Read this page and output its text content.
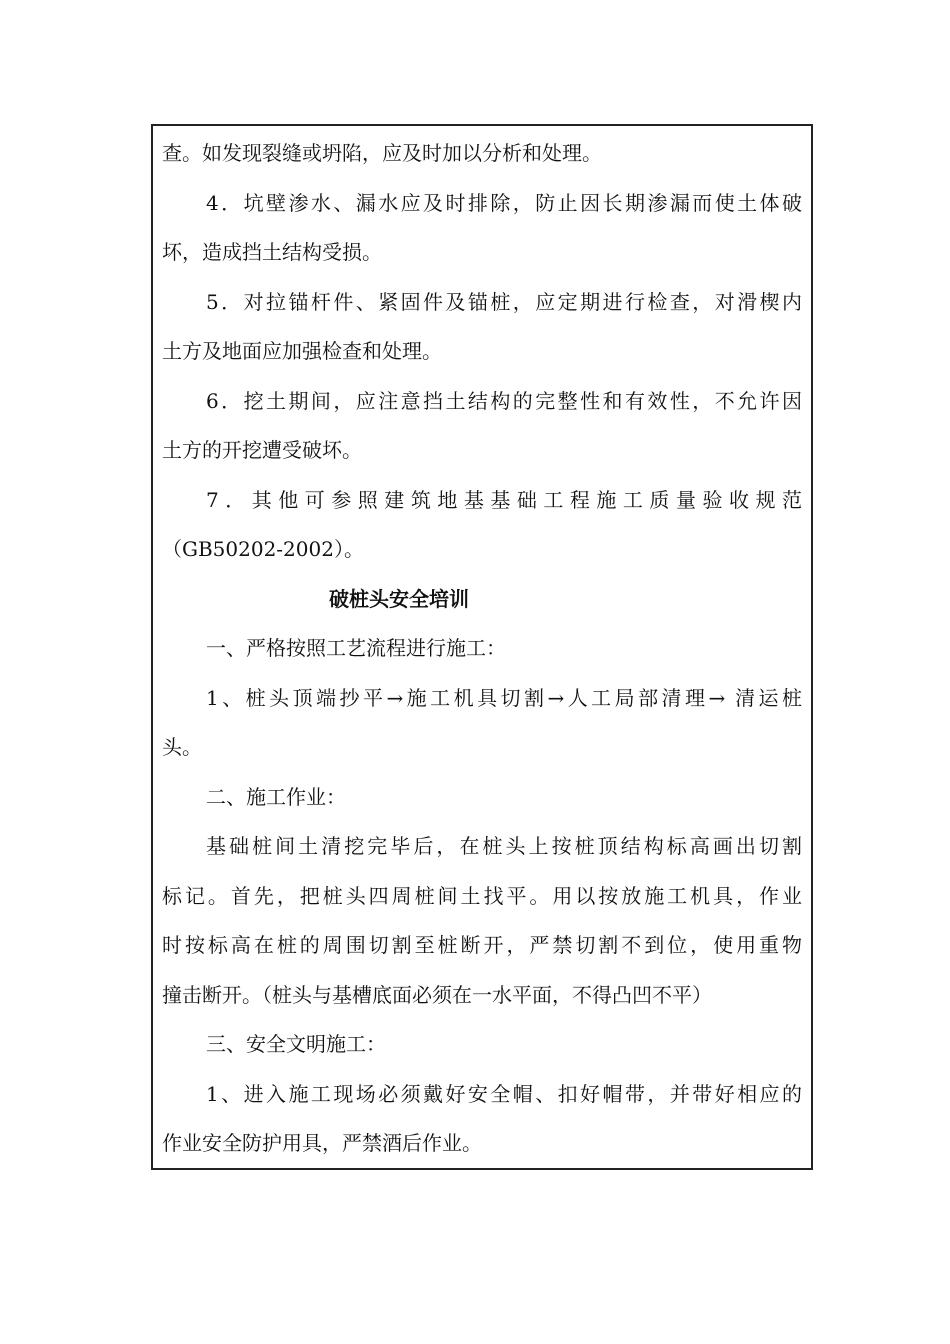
查。如发现裂缝或坍陷，应及时加以分析和处理。
4．坑壁渗水、漏水应及时排除，防止因长期渗漏而使土体破
坏，造成挡土结构受损。
5．对拉锚杆件、紧固件及锚桩，应定期进行检查，对滑楔内
土方及地面应加强检查和处理。
6．挖土期间，应注意挡土结构的完整性和有效性，不允许因
土方的开挖遭受破坏。
7．其他可参照建筑地基基础工程施工质量验收规范
（GB50202-2002）。
破桩头安全培训
一、严格按照工艺流程进行施工：
1、桩头顶端抄平→施工机具切割→人工局部清理→ 清运桩
头。
二、施工作业：
基础桩间土清挖完毕后，在桩头上按桩顶结构标高画出切割
标记。首先，把桩头四周桩间土找平。用以按放施工机具，作业
时按标高在桩的周围切割至桩断开，严禁切割不到位，使用重物
撞击断开。（桩头与基槽底面必须在一水平面，不得凸凹不平）
三、安全文明施工：
1、进入施工现场必须戴好安全帽、扣好帽带，并带好相应的
作业安全防护用具，严禁酒后作业。
